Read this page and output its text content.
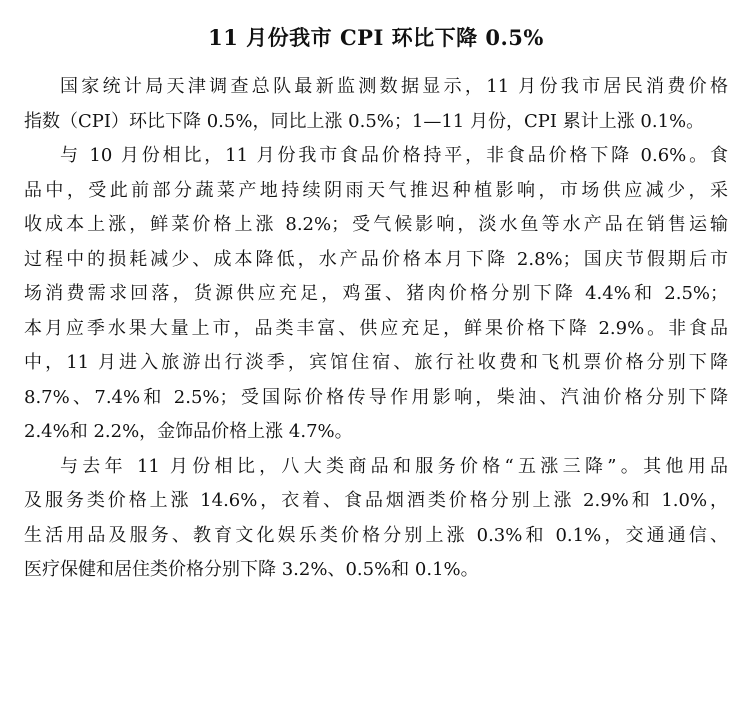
11 月份我市 CPI 环比下降 0.5%

国家统计局天津调查总队最新监测数据显示，11 月份我市居民消费价格
指数（CPI）环比下降 0.5%，同比上涨 0.5%；1—11 月份，CPI 累计上涨 0.1%。

与 10 月份相比，11 月份我市食品价格持平，非食品价格下降 0.6%。食
品中，受此前部分蔬菜产地持续阴雨天气推迟种植影响，市场供应减少，采
收成本上涨，鲜菜价格上涨 8.2%；受气候影响，淡水鱼等水产品在销售运输
过程中的损耗减少、成本降低，水产品价格本月下降 2.8%；国庆节假期后市
场消费需求回落，货源供应充足，鸡蛋、猪肉价格分别下降 4.4%和 2.5%；
本月应季水果大量上市，品类丰富、供应充足，鲜果价格下降 2.9%。非食品
中，11 月进入旅游出行淡季，宾馆住宿、旅行社收费和飞机票价格分别下降
8.7%、7.4%和 2.5%；受国际价格传导作用影响，柴油、汽油价格分别下降
2.4%和 2.2%，金饰品价格上涨 4.7%。

与去年 11 月份相比，八大类商品和服务价格“五涨三降”。其他用品
及服务类价格上涨 14.6%，衣着、食品烟酒类价格分别上涨 2.9%和 1.0%，
生活用品及服务、教育文化娱乐类价格分别上涨 0.3%和 0.1%，交通通信、
医疗保健和居住类价格分别下降 3.2%、0.5%和 0.1%。
